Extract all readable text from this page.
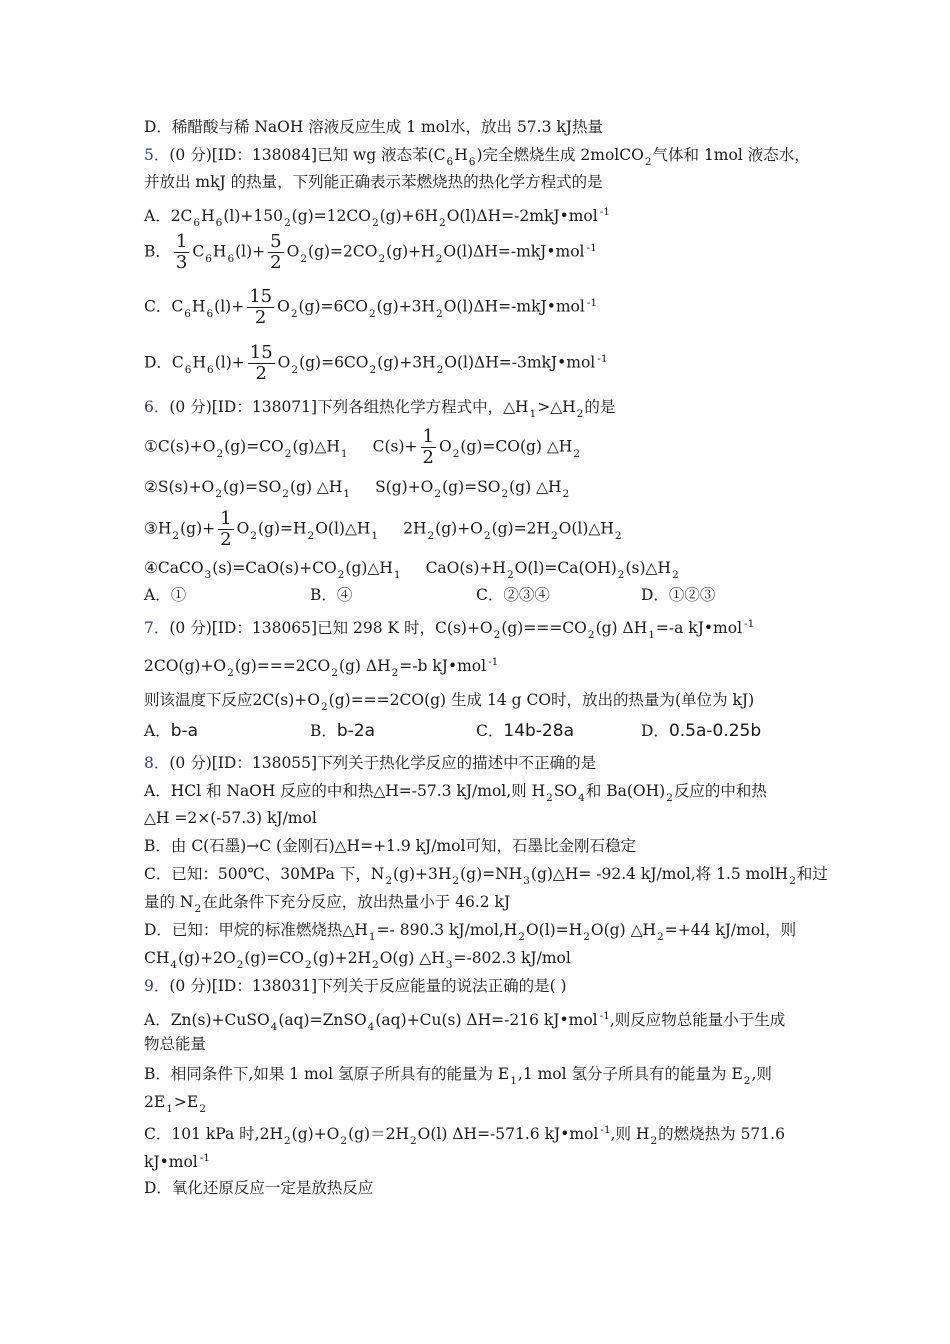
D．稀醋酸与稀 NaOH 溶液反应生成 1 mol水，放出 57.3 kJ热量
5．(0 分)[ID：138084]已知 wg 液态苯$(C_6H_6)$完全燃烧生成 2molCO$_2$气体和 1mol 液态水，
并放出 mkJ 的热量，下列能正确表示苯燃烧热的热化学方程式的是
A．$2C_6H_6(l)+150_2(g)=12CO_2(g)+6H_2O(l)\Delta H=-2mkJ•mol$ $^{-1}$
B． $\frac{1}{3} C_6H_6(l)+ \frac{5}{2}$ $O_2(g)=2CO_2(g)+H_2O(l)\Delta H=-mkJ•mol$ $^{-1}$
C．$C_6H_6(l)+ \frac{15}{2}$ $O_2(g)=6CO_2(g)+3H_2O(l)\Delta H=-mkJ•mol$ $^{-1}$
D．$C_6H_6(l)+ \frac{15}{2}$ $O_2(g)=6CO_2(g)+3H_2O(l)\Delta H=-3mkJ•mol$ $^{-1}$
6．(0 分)[ID：138071]下列各组热化学方程式中，$\triangle H_1>\triangle H_2$的是
$①C(s)+O_2(g)=CO_2(g)\triangle H_1$ $C(s)+ \frac{1}{2} O_2(g)=CO(g)$ $\triangle H_2$
$②S(s)+O_2(g)=SO_2(g)$ $\triangle H_1$ $S(g)+O_2(g)=SO_2(g)$ $\triangle H_2$
$③H_2(g)+ \frac{1}{2}$ $O_2(g)=H_2O(l)\triangle H_1$ $2H_2(g)+O_2(g)=2H_2O(l)\triangle H_2$
$④CaCO_3(s)=CaO(s)+CO_2(g)\triangle H_1$ $CaO(s)+H_2O(l)=Ca(OH)_2(s)\triangle H_2$
A．①	B．④	C．②③④	D．①②③
7．(0 分)[ID：138065]已知 298 K 时，$C(s)+O_2(g)===CO_2(g)$ $\Delta H_1=-a$ kJ•mol $^{-1}$
$2CO(g)+O_2(g)===2CO_2(g)$ $\Delta H_2=-b$ kJ•mol $^{-1}$
则该温度下反应$2C(s)+O_2(g)===2CO(g)$ 生成 14 g CO时，放出的热量为(单位为 kJ)
A．b-a	B．b-2a	C．14b-28a	D．0.5a-0.25b
8．(0 分)[ID：138055]下列关于热化学反应的描述中不正确的是
A．HCl 和 NaOH 反应的中和热△H=-57.3 kJ/mol,则 $H_2SO_4$和 $Ba(OH)_2$反应的中和热
△H =2×(-57.3) kJ/mol
B．由 C(石墨)→C (金刚石)△H=+1.9 kJ/mol可知，石墨比金刚石稳定
C．已知：500℃、30MPa 下，$N_2(g)+3H_2(g)=NH_3(g)\triangle H= -92.4$ kJ/mol,将 1.5 molH$_2$和过
量的 $N_2$在此条件下充分反应，放出热量小于 46.2 kJ
D．已知：甲烷的标准燃烧热$\triangle H_1=-$ 890.3 $kJ/mol,H_2O(l)=H_2O(g)$ $\triangle H_2=+44$ kJ/mol，则
$CH_4(g)+2O_2(g)=CO_2(g)+2H_2O(g)$ $\triangle H_3=-802.3$ kJ/mol
9．(0 分)[ID：138031]下列关于反应能量的说法正确的是( )
A．Zn(s)+CuSO$_4$(aq)=ZnSO$_4$(aq)+Cu(s) ΔH=-216 kJ•mol $^{-1}$,则反应物总能量小于生成
物总能量
B．相同条件下,如果 1 mol 氢原子所具有的能量为 $E_1,1$ mol 氢分子所具有的能量为 $E_2$,则
$2E_1>E_2$
C．101 kPa 时$,2H_2(g)+O_2(g)=2H_2O(l)$ ΔH=-571.6 kJ•mol $^{-1}$,则 $H_2$的燃烧热为 571.6
kJ•mol $^{-1}$
D．氧化还原反应一定是放热反应
